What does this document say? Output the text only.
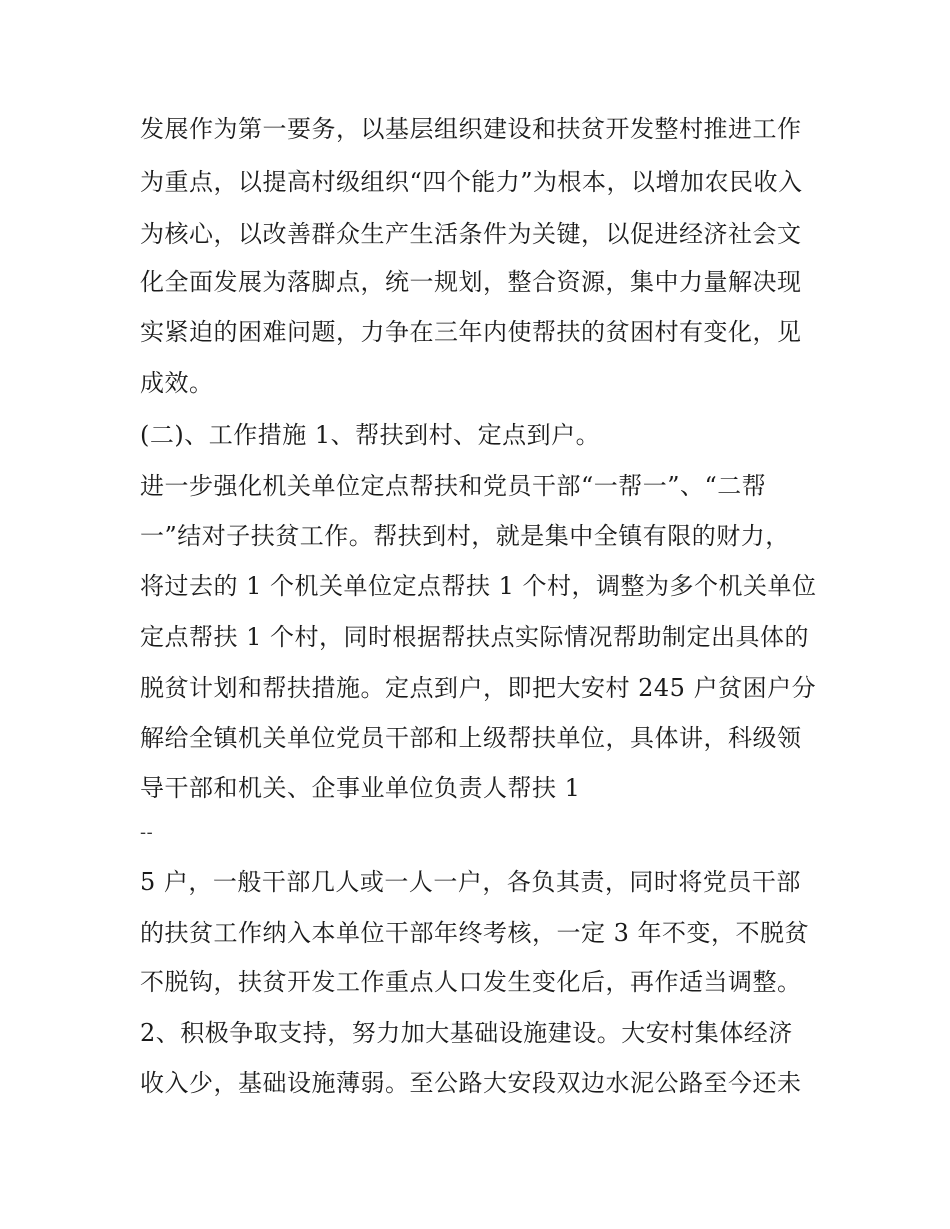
发展作为第一要务，以基层组织建设和扶贫开发整村推进工作
为重点，以提高村级组织“四个能力”为根本，以增加农民收入
为核心，以改善群众生产生活条件为关键，以促进经济社会文
化全面发展为落脚点，统一规划，整合资源，集中力量解决现
实紧迫的困难问题，力争在三年内使帮扶的贫困村有变化，见
成效。
(二)、工作措施 1、帮扶到村、定点到户。
进一步强化机关单位定点帮扶和党员干部“一帮一”、“二帮
一”结对子扶贫工作。帮扶到村，就是集中全镇有限的财力，
将过去的 1 个机关单位定点帮扶 1 个村，调整为多个机关单位
定点帮扶 1 个村，同时根据帮扶点实际情况帮助制定出具体的
脱贫计划和帮扶措施。定点到户，即把大安村 245 户贫困户分
解给全镇机关单位党员干部和上级帮扶单位，具体讲，科级领
导干部和机关、企事业单位负责人帮扶 1
--
5 户，一般干部几人或一人一户，各负其责，同时将党员干部
的扶贫工作纳入本单位干部年终考核，一定 3 年不变，不脱贫
不脱钩，扶贫开发工作重点人口发生变化后，再作适当调整。
2、积极争取支持，努力加大基础设施建设。大安村集体经济
收入少，基础设施薄弱。至公路大安段双边水泥公路至今还未
